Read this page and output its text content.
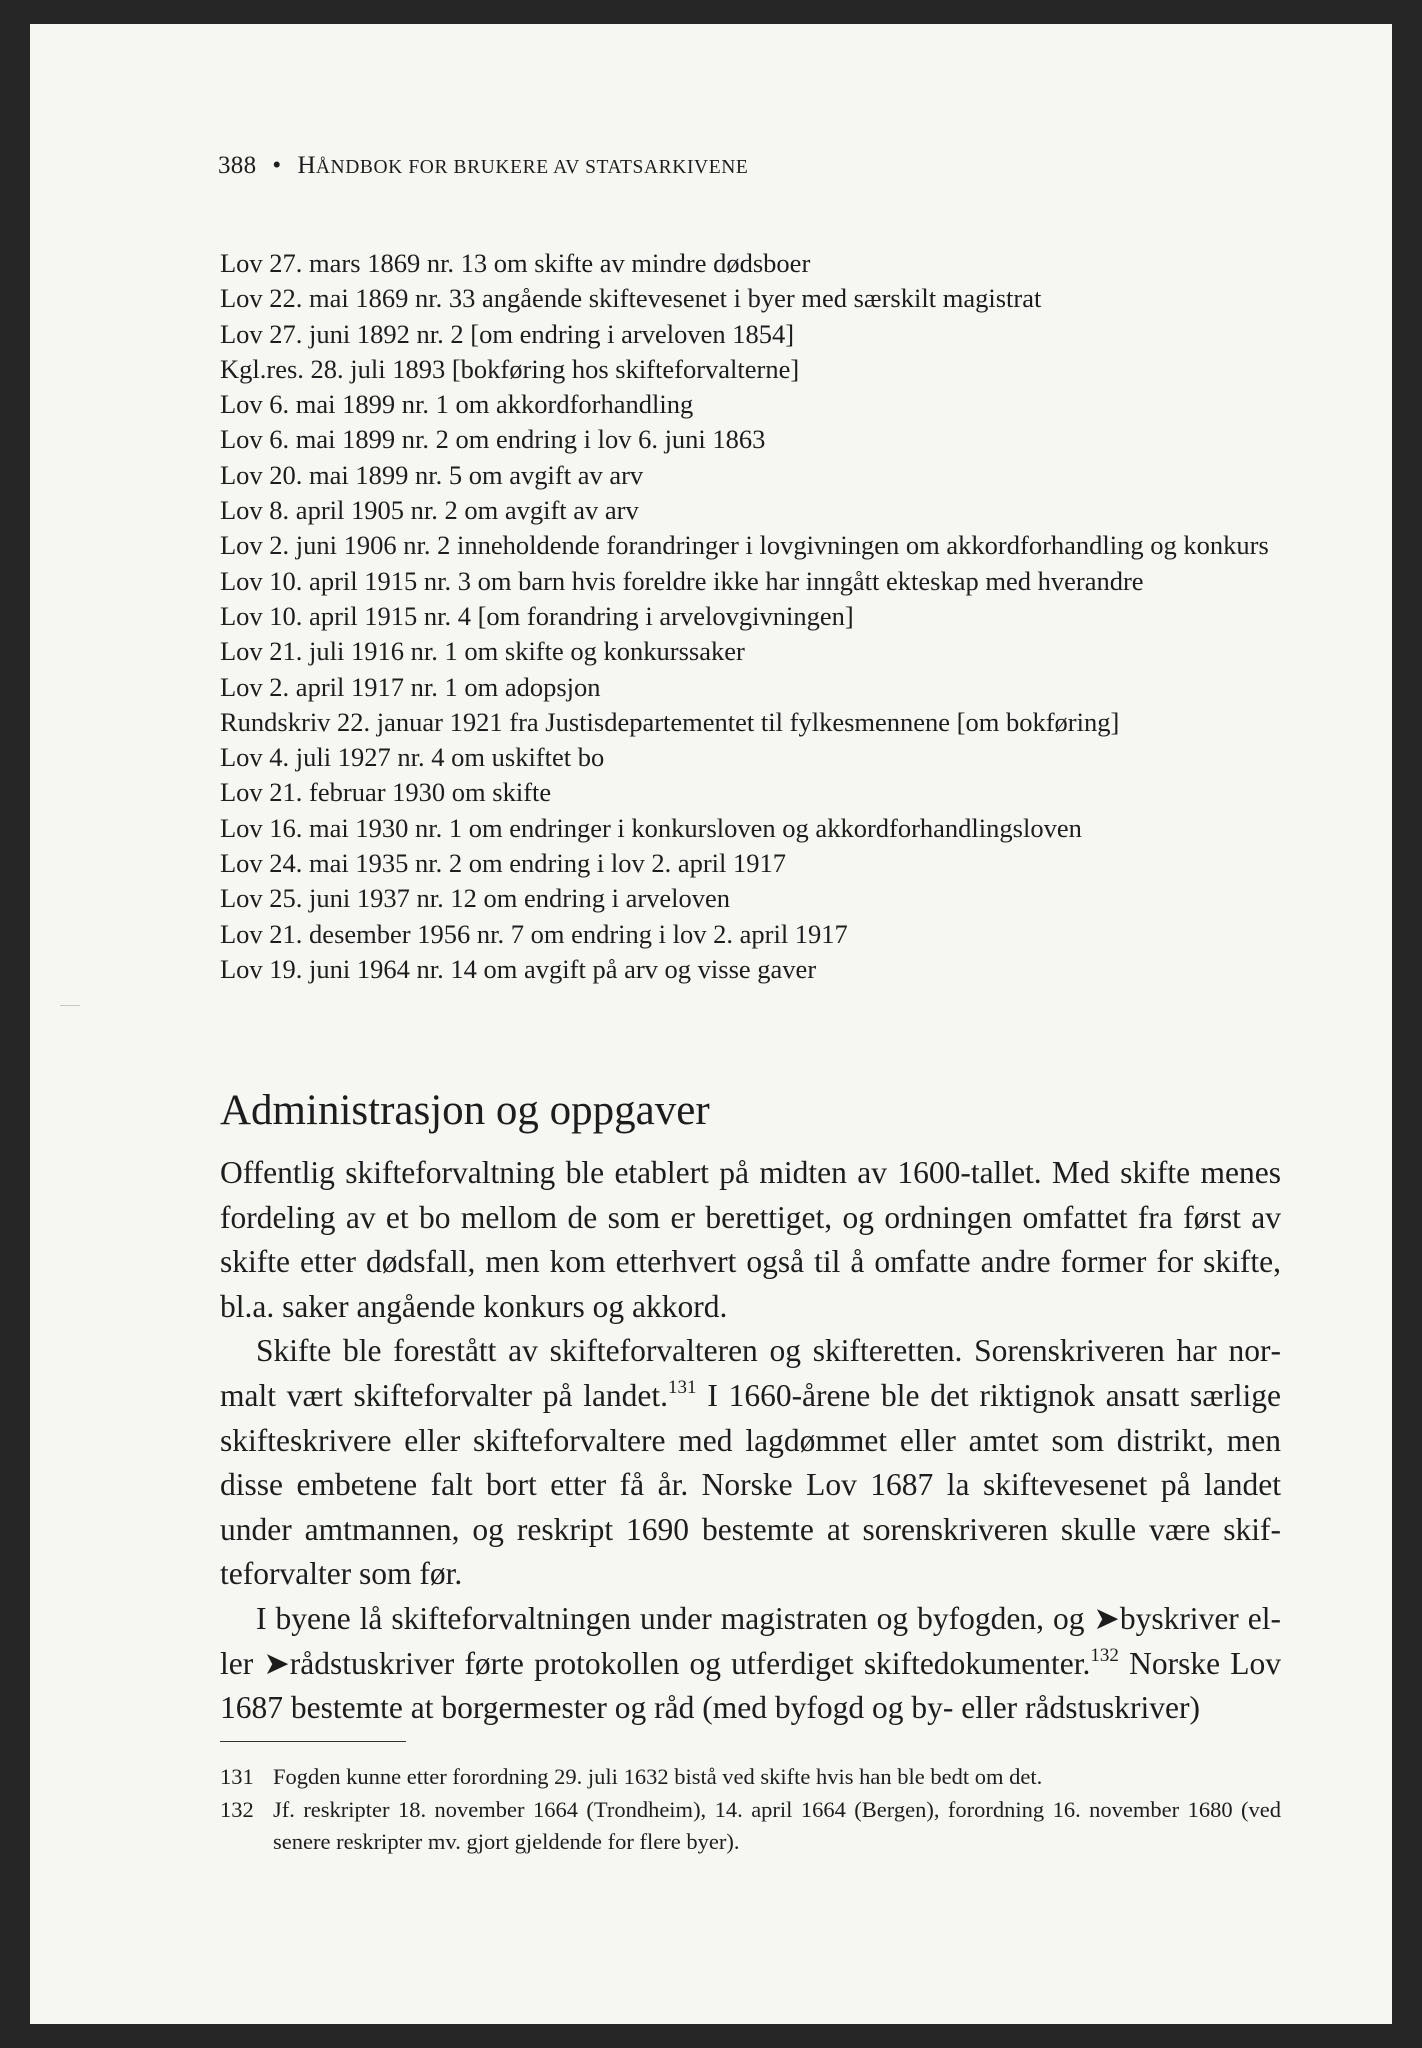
388 • HÅNDBOK FOR BRUKERE AV STATSARKIVENE
Lov 27. mars 1869 nr. 13 om skifte av mindre dødsboer
Lov 22. mai 1869 nr. 33 angående skiftevesenet i byer med særskilt magistrat
Lov 27. juni 1892 nr. 2 [om endring i arveloven 1854]
Kgl.res. 28. juli 1893 [bokføring hos skifteforvalterne]
Lov 6. mai 1899 nr. 1 om akkordforhandling
Lov 6. mai 1899 nr. 2 om endring i lov 6. juni 1863
Lov 20. mai 1899 nr. 5 om avgift av arv
Lov 8. april 1905 nr. 2 om avgift av arv
Lov 2. juni 1906 nr. 2 inneholdende forandringer i lovgivningen om akkordforhandling og konkurs
Lov 10. april 1915 nr. 3 om barn hvis foreldre ikke har inngått ekteskap med hverandre
Lov 10. april 1915 nr. 4 [om forandring i arvelovgivningen]
Lov 21. juli 1916 nr. 1 om skifte og konkurssaker
Lov 2. april 1917 nr. 1 om adopsjon
Rundskriv 22. januar 1921 fra Justisdepartementet til fylkesmennene [om bokføring]
Lov 4. juli 1927 nr. 4 om uskiftet bo
Lov 21. februar 1930 om skifte
Lov 16. mai 1930 nr. 1 om endringer i konkursloven og akkordforhandlingsloven
Lov 24. mai 1935 nr. 2 om endring i lov 2. april 1917
Lov 25. juni 1937 nr. 12 om endring i arveloven
Lov 21. desember 1956 nr. 7 om endring i lov 2. april 1917
Lov 19. juni 1964 nr. 14 om avgift på arv og visse gaver
Administrasjon og oppgaver

Offentlig skifteforvaltning ble etablert på midten av 1600-tallet. Med skifte menes fordeling av et bo mellom de som er berettiget, og ordningen omfattet fra først av skifte etter dødsfall, men kom etterhvert også til å omfatte andre former for skifte, bl.a. saker angående konkurs og akkord.

Skifte ble forestått av skifteforvalteren og skifteretten. Sorenskriveren har normalt vært skifteforvalter på landet.$^{131}$ I 1660-årene ble det riktignok ansatt særlige skifteskrivere eller skifteforvaltere med lagdømmet eller amtet som distrikt, men disse embetene falt bort etter få år. Norske Lov 1687 la skiftevesenet på landet under amtmannen, og reskript 1690 bestemte at sorenskriveren skulle være skifteforvalter som før.

I byene lå skifteforvaltningen under magistraten og byfogden, og ➤byskriver eller ➤rådstuskriver førte protokollen og utferdiget skiftedokumenter.$^{132}$ Norske Lov 1687 bestemte at borgermester og råd (med byfogd og by- eller rådstuskriver)

131 Fogden kunne etter forordning 29. juli 1632 bistå ved skifte hvis han ble bedt om det.
132 Jf. reskripter 18. november 1664 (Trondheim), 14. april 1664 (Bergen), forordning 16. november 1680 (ved senere reskripter mv. gjort gjeldende for flere byer).
